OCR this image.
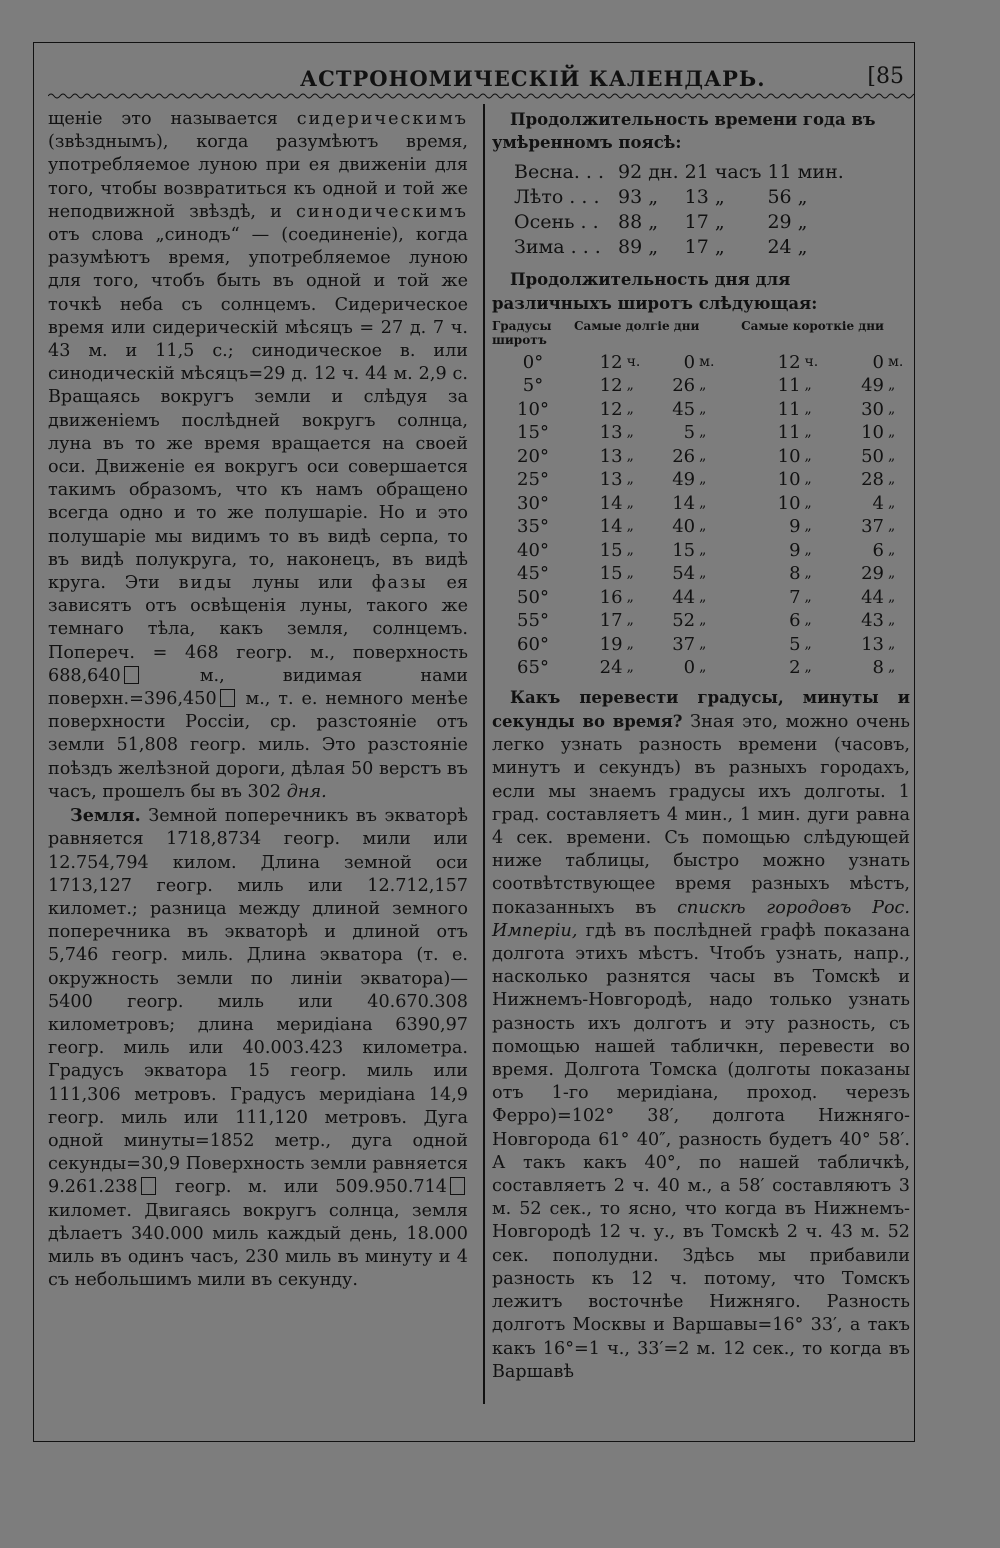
АСТРОНОМИЧЕСКІЙ КАЛЕНДАРЬ.	[85

щеніе это называется сидерическимъ (звѣзднымъ), когда разумѣютъ время, употребляемое луною при ея движеніи для того, чтобы возвратиться къ одной и той же неподвижной звѣздѣ, и синодическимъ отъ слова „синодъ“ — (соединеніе), когда разумѣютъ время, употребляемое луною для того, чтобъ быть въ одной и той же точкѣ неба съ солнцемъ. Сидерическое время или сидерическій мѣсяцъ = 27 д. 7 ч. 43 м. и 11,5 с.; синодическое в. или синодическій мѣсяцъ=29 д. 12 ч. 44 м. 2,9 с. Вращаясь вокругъ земли и слѣдуя за движеніемъ послѣдней вокругъ солнца, луна въ то же время вращается на своей оси. Движеніе ея вокругъ оси совершается такимъ образомъ, что къ намъ обращено всегда одно и то же полушаріе. Но и это полушаріе мы видимъ то въ видѣ серпа, то въ видѣ полукруга, то, наконецъ, въ видѣ круга. Эти виды луны или фазы ея зависятъ отъ освѣщенія луны, такого же темнаго тѣла, какъ земля, солнцемъ. Попереч. = 468 геогр. м., поверхность 688,640 м., видимая нами поверхн.=396,450 м., т. е. немного менѣе поверхности Россіи, ср. разстояніе отъ земли 51,808 геогр. миль. Это разстояніе поѣздъ желѣзной дороги, дѣлая 50 верстъ въ часъ, прошелъ бы въ 302 дня.

Земля. Земной поперечникъ въ экваторѣ равняется 1718,8734 геогр. мили или 12.754,794 килом. Длина земной оси 1713,127 геогр. миль или 12.712,157 километ.; разница между длиной земного поперечника въ экваторѣ и длиной отъ 5,746 геогр. миль. Длина экватора (т. е. окружность земли по линіи экватора)— 5400 геогр. миль или 40.670.308 километровъ; длина меридіана 6390,97 геогр. миль или 40.003.423 километра. Градусъ экватора 15 геогр. миль или 111,306 метровъ. Градусъ меридіана 14,9 геогр. миль или 111,120 метровъ. Дуга одной минуты=1852 метр., дуга одной секунды=30,9 Поверхность земли равняется 9.261.238 геогр. м. или 509.950.714 километ. Двигаясь вокругъ солнца, земля дѣлаетъ 340.000 миль каждый день, 18.000 миль въ одинъ часъ, 230 миль въ минуту и 4 съ небольшимъ мили въ секунду.

Продолжительность времени года въ умѣренномъ поясѣ:

Весна. . .	92	дн.	21	часъ	11	мин.
Лѣто . . .	93	„	13	„	56	„
Осень . .	88	„	17	„	29	„
Зима . . .	89	„	17	„	24	„

Продолжительность дня для различныхъ широтъ слѣдующая:

Градусы широтъ	Самые долгіе дни					Самые короткіе дни			
0°	12	ч.	0	м.		12	ч.	0	м.
5°	12	„	26	„		11	„	49	„
10°	12	„	45	„		11	„	30	„
15°	13	„	5	„		11	„	10	„
20°	13	„	26	„		10	„	50	„
25°	13	„	49	„		10	„	28	„
30°	14	„	14	„		10	„	4	„
35°	14	„	40	„		9	„	37	„
40°	15	„	15	„		9	„	6	„
45°	15	„	54	„		8	„	29	„
50°	16	„	44	„		7	„	44	„
55°	17	„	52	„		6	„	43	„
60°	19	„	37	„		5	„	13	„
65°	24	„	0	„		2	„	8	„

Какъ перевести градусы, минуты и секунды во время? Зная это, можно очень легко узнать разность времени (часовъ, минутъ и секундъ) въ разныхъ городахъ, если мы знаемъ градусы ихъ долготы. 1 град. составляетъ 4 мин., 1 мин. дуги равна 4 сек. времени. Съ помощью слѣдующей ниже таблицы, быстро можно узнать соотвѣтствующее время разныхъ мѣстъ, показанныхъ въ спискѣ городовъ Рос. Имперіи, гдѣ въ послѣдней графѣ показана долгота этихъ мѣстъ. Чтобъ узнать, напр., насколько разнятся часы въ Томскѣ и Нижнемъ-Новгородѣ, надо только узнать разность ихъ долготъ и эту разность, съ помощью нашей табличкн, перевести во время. Долгота Томска (долготы показаны отъ 1-го меридіана, проход. черезъ Ферро)=102° 38′, долгота Нижняго-Новгорода 61° 40″, разность будетъ 40° 58′. А такъ какъ 40°, по нашей табличкѣ, составляетъ 2 ч. 40 м., а 58′ составляютъ 3 м. 52 сек., то ясно, что когда въ Нижнемъ-Новгородѣ 12 ч. у., въ Томскѣ 2 ч. 43 м. 52 сек. пополудни. Здѣсь мы прибавили разность къ 12 ч. потому, что Томскъ лежитъ восточнѣе Нижняго. Разность долготъ Москвы и Варшавы=16° 33′, а такъ какъ 16°=1 ч., 33′=2 м. 12 сек., то когда въ Варшавѣ
